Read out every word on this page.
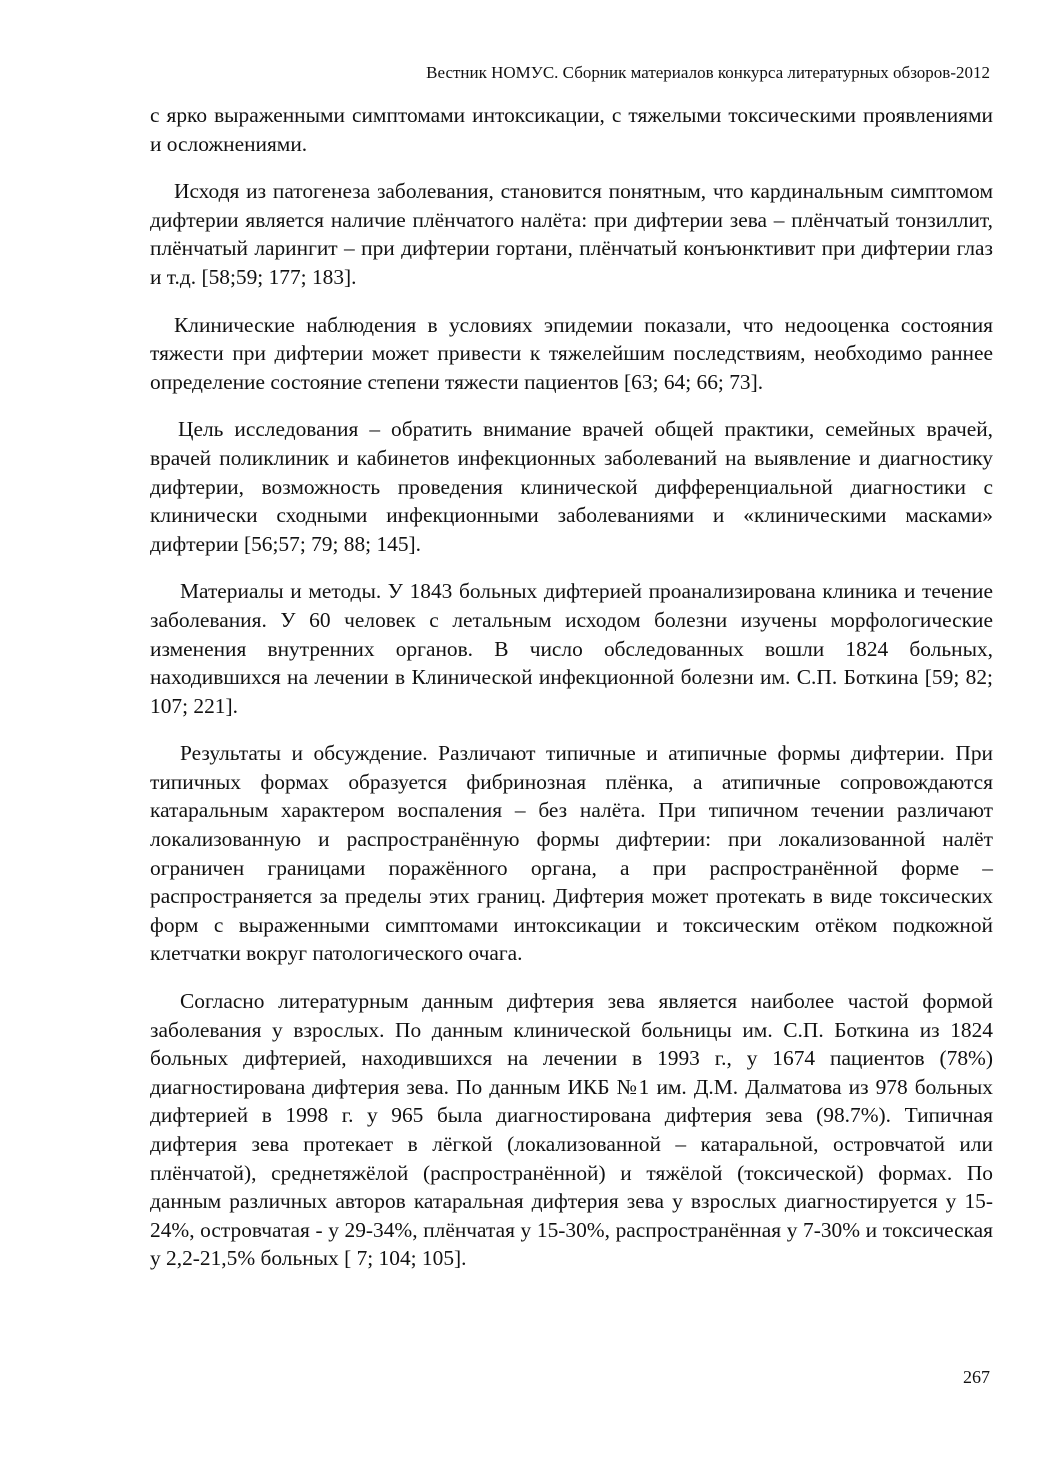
Вестник НОМУС. Сборник материалов конкурса литературных обзоров-2012

с ярко выраженными симптомами интоксикации, с тяжелыми токсическими проявлениями и осложнениями.

Исходя из патогенеза заболевания, становится понятным, что кардинальным симптомом дифтерии является наличие плёнчатого налёта: при дифтерии зева – плёнчатый тонзиллит, плёнчатый ларингит – при дифтерии гортани, плёнчатый конъюнктивит при дифтерии глаз и т.д. [58;59; 177; 183].

Клинические наблюдения в условиях эпидемии показали, что недооценка состояния тяжести при дифтерии может привести к тяжелейшим последствиям, необходимо раннее определение состояние степени тяжести пациентов [63; 64; 66; 73].

Цель исследования – обратить внимание врачей общей практики, семейных врачей, врачей поликлиник и кабинетов инфекционных заболеваний на выявление и диагностику дифтерии, возможность проведения клинической дифференциальной диагностики с клинически сходными инфекционными заболеваниями и «клиническими масками» дифтерии [56;57; 79; 88; 145].

Материалы и методы. У 1843 больных дифтерией проанализирована клиника и течение заболевания. У 60 человек с летальным исходом болезни изучены морфологические изменения внутренних органов. В число обследованных вошли 1824 больных, находившихся на лечении в Клинической инфекционной болезни им. С.П. Боткина [59; 82; 107; 221].

Результаты и обсуждение. Различают типичные и атипичные формы дифтерии. При типичных формах образуется фибринозная плёнка, а атипичные сопровождаются катаральным характером воспаления – без налёта. При типичном течении различают локализованную и распространённую формы дифтерии: при локализованной налёт ограничен границами поражённого органа, а при распространённой форме – распространяется за пределы этих границ. Дифтерия может протекать в виде токсических форм с выраженными симптомами интоксикации и токсическим отёком подкожной клетчатки вокруг патологического очага.

Согласно литературным данным дифтерия зева является наиболее частой формой заболевания у взрослых. По данным клинической больницы им. С.П. Боткина из 1824 больных дифтерией, находившихся на лечении в 1993 г., у 1674 пациентов (78%) диагностирована дифтерия зева. По данным ИКБ №1 им. Д.М. Далматова из 978 больных дифтерией в 1998 г. у 965 была диагностирована дифтерия зева (98.7%). Типичная дифтерия зева протекает в лёгкой (локализованной – катаральной, островчатой или плёнчатой), среднетяжёлой (распространённой) и тяжёлой (токсической) формах. По данным различных авторов катаральная дифтерия зева у взрослых диагностируется у 15-24%, островчатая - у 29-34%, плёнчатая у 15-30%, распространённая у 7-30% и токсическая у 2,2-21,5% больных [ 7; 104; 105].

267
